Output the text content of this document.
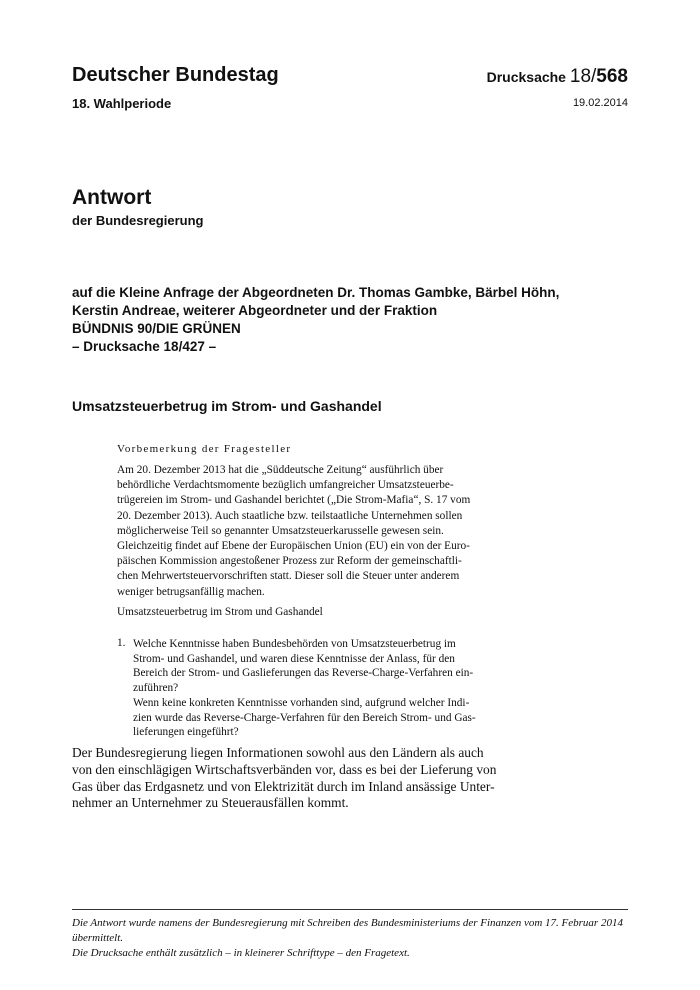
Deutscher Bundestag
18. Wahlperiode
Drucksache 18/568
19.02.2014
Antwort
der Bundesregierung
auf die Kleine Anfrage der Abgeordneten Dr. Thomas Gambke, Bärbel Höhn,
Kerstin Andreae, weiterer Abgeordneter und der Fraktion
BÜNDNIS 90/DIE GRÜNEN
– Drucksache 18/427 –
Umsatzsteuerbetrug im Strom- und Gashandel
Vorbemerkung der Fragesteller
Am 20. Dezember 2013 hat die „Süddeutsche Zeitung“ ausführlich über
behördliche Verdachtsmomente bezüglich umfangreicher Umsatzsteuerbe-
trügereien im Strom- und Gashandel berichtet („Die Strom-Mafia“, S. 17 vom
20. Dezember 2013). Auch staatliche bzw. teilstaatliche Unternehmen sollen
möglicherweise Teil so genannter Umsatzsteuerkarusselle gewesen sein.
Gleichzeitig findet auf Ebene der Europäischen Union (EU) ein von der Euro-
päischen Kommission angestoßener Prozess zur Reform der gemeinschaftli-
chen Mehrwertsteuervorschriften statt. Dieser soll die Steuer unter anderem
weniger betrugsanfällig machen.
Umsatzsteuerbetrug im Strom und Gashandel
1. Welche Kenntnisse haben Bundesbehörden von Umsatzsteuerbetrug im
Strom- und Gashandel, und waren diese Kenntnisse der Anlass, für den
Bereich der Strom- und Gaslieferungen das Reverse-Charge-Verfahren ein-
zuführen?
Wenn keine konkreten Kenntnisse vorhanden sind, aufgrund welcher Indi-
zien wurde das Reverse-Charge-Verfahren für den Bereich Strom- und Gas-
lieferungen eingeführt?
Der Bundesregierung liegen Informationen sowohl aus den Ländern als auch
von den einschlägigen Wirtschaftsverbänden vor, dass es bei der Lieferung von
Gas über das Erdgasnetz und von Elektrizität durch im Inland ansässige Unter-
nehmer an Unternehmer zu Steuerausfällen kommt.
Die Antwort wurde namens der Bundesregierung mit Schreiben des Bundesministeriums der Finanzen vom 17. Februar 2014
übermittelt.
Die Drucksache enthält zusätzlich – in kleinerer Schrifttype – den Fragetext.
